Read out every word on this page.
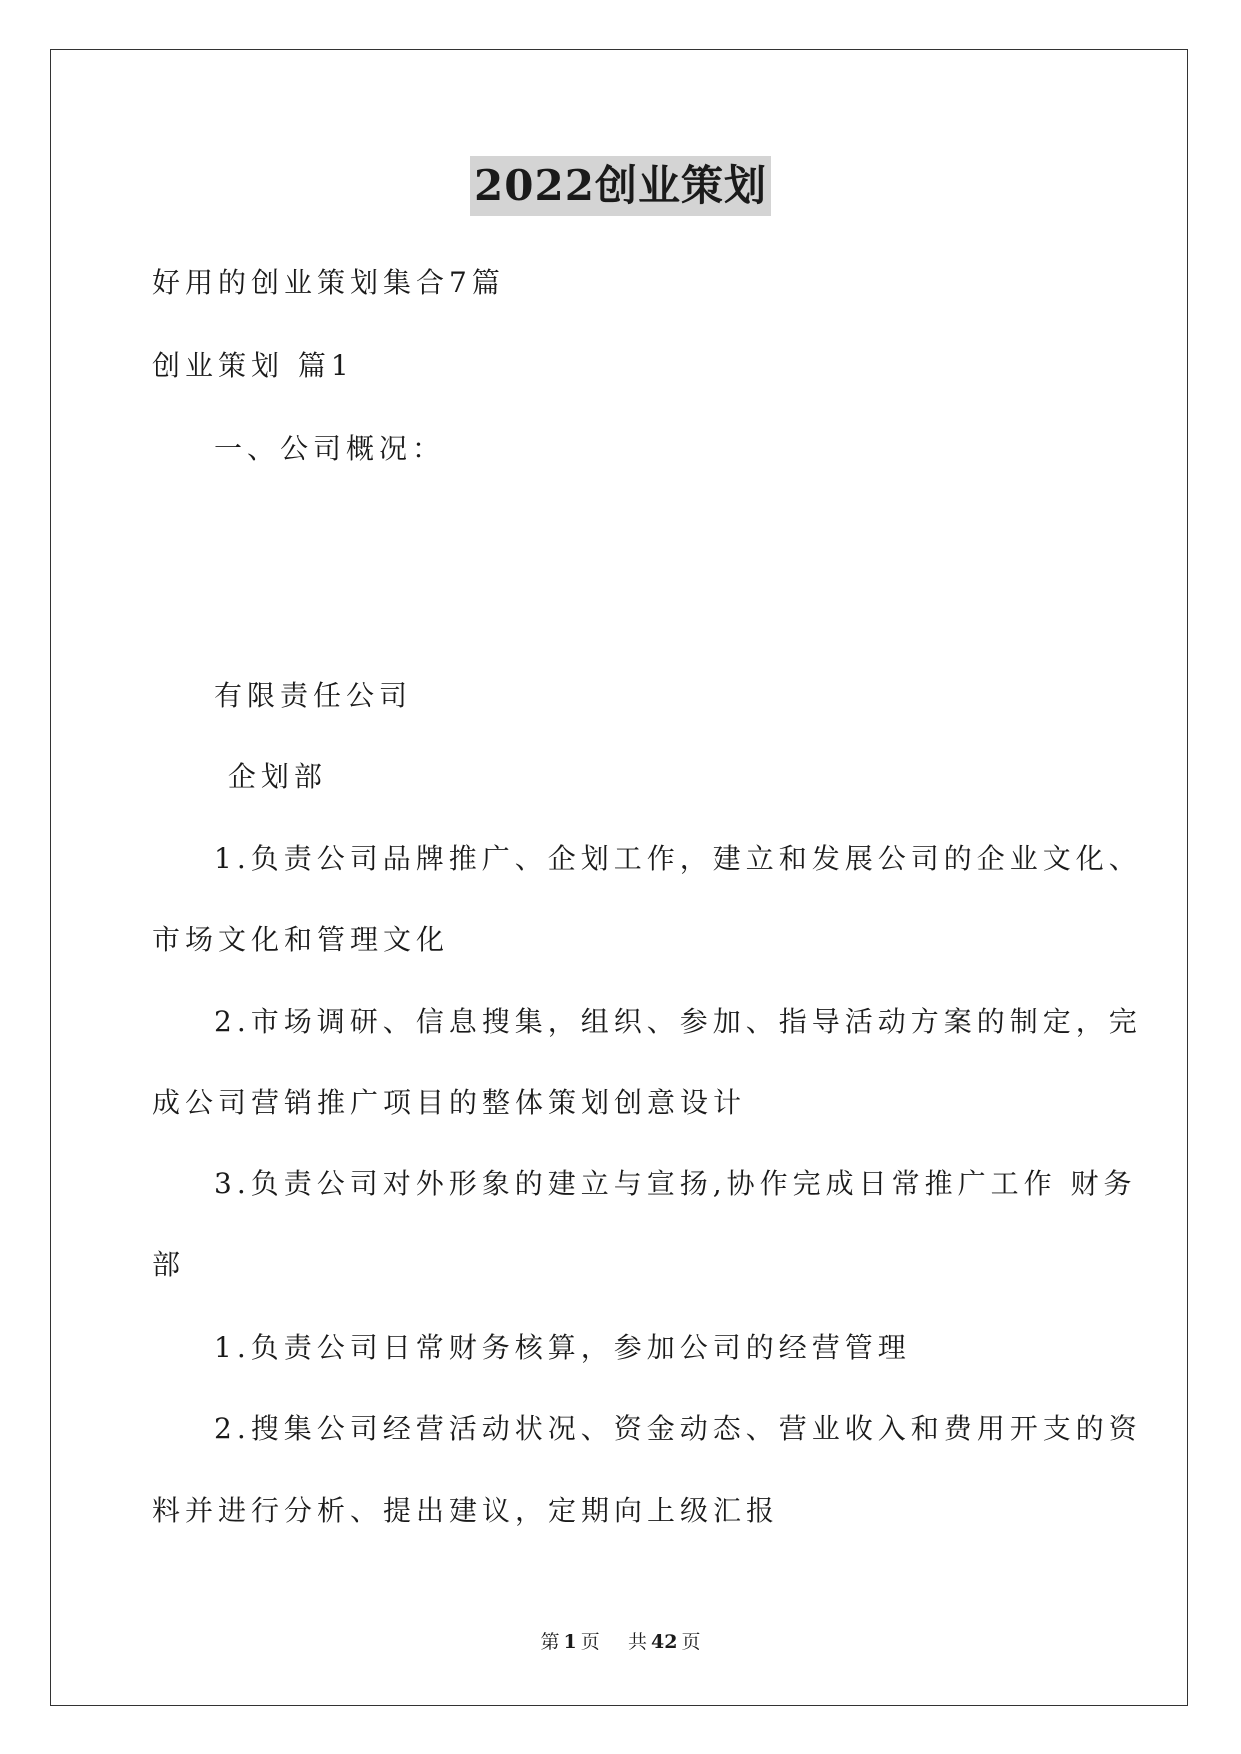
2022创业策划
好用的创业策划集合7篇
创业策划 篇1
一、公司概况：
有限责任公司
企划部
1.负责公司品牌推广、企划工作，建立和发展公司的企业文化、
市场文化和管理文化
2.市场调研、信息搜集，组织、参加、指导活动方案的制定，完
成公司营销推广项目的整体策划创意设计
3.负责公司对外形象的建立与宣扬,协作完成日常推广工作 财务
部
1.负责公司日常财务核算，参加公司的经营管理
2.搜集公司经营活动状况、资金动态、营业收入和费用开支的资
料并进行分析、提出建议，定期向上级汇报
第 1 页 共 42 页
